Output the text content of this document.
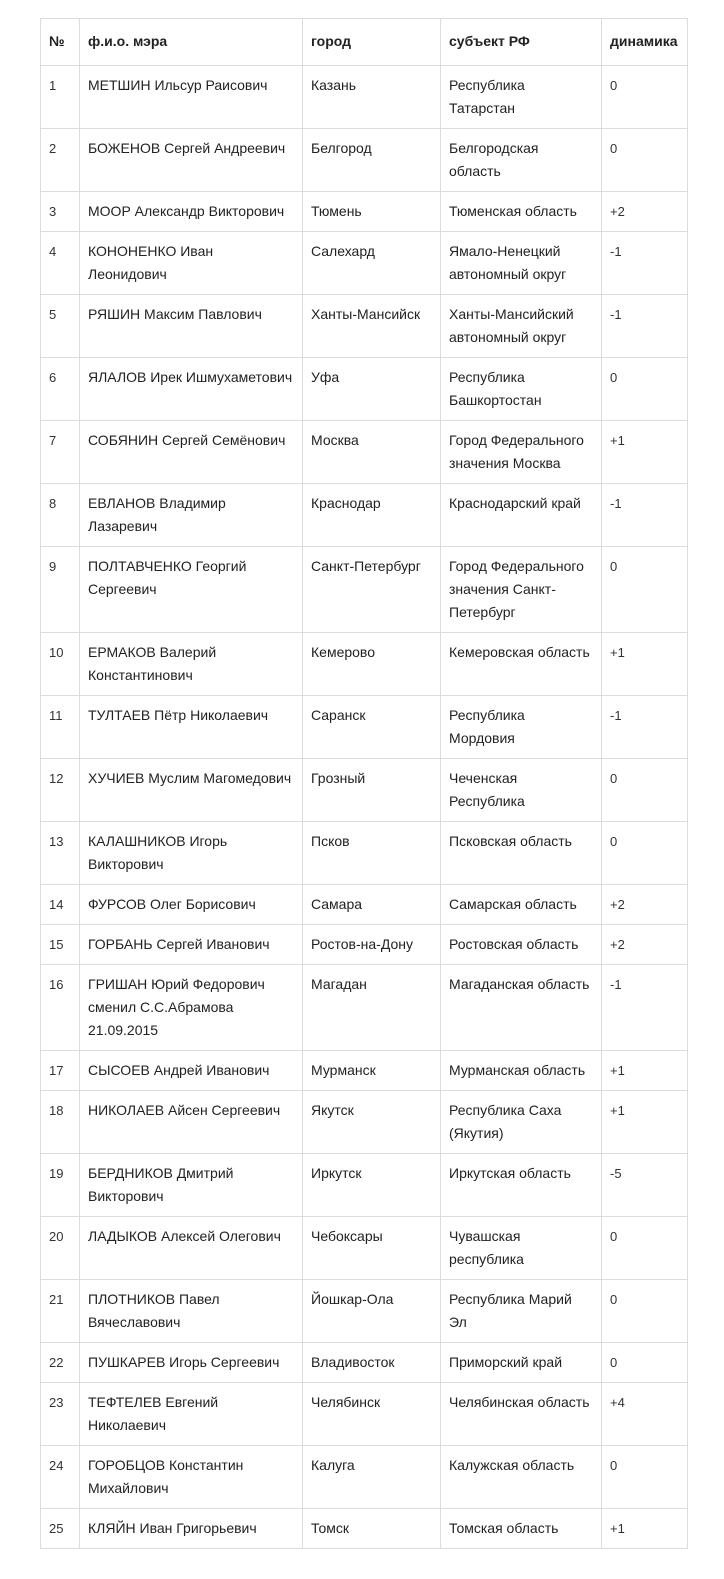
№	ф.и.о. мэра	город	субъект РФ	динамика
1	МЕТШИН Ильсур Раисович	Казань	Республика Татарстан	0
2	БОЖЕНОВ Сергей Андреевич	Белгород	Белгородская область	0
3	МООР Александр Викторович	Тюмень	Тюменская область	+2
4	КОНОНЕНКО Иван Леонидович	Салехард	Ямало-Ненецкий автономный округ	-1
5	РЯШИН Максим Павлович	Ханты-Мансийск	Ханты-Мансийский автономный округ	-1
6	ЯЛАЛОВ Ирек Ишмухаметович	Уфа	Республика Башкортостан	0
7	СОБЯНИН Сергей Семёнович	Москва	Город Федерального значения Москва	+1
8	ЕВЛАНОВ Владимир Лазаревич	Краснодар	Краснодарский край	-1
9	ПОЛТАВЧЕНКО Георгий Сергеевич	Санкт-Петербург	Город Федерального значения Санкт-Петербург	0
10	ЕРМАКОВ Валерий Константинович	Кемерово	Кемеровская область	+1
11	ТУЛТАЕВ Пётр Николаевич	Саранск	Республика Мордовия	-1
12	ХУЧИЕВ Муслим Магомедович	Грозный	Чеченская Республика	0
13	КАЛАШНИКОВ Игорь Викторович	Псков	Псковская область	0
14	ФУРСОВ Олег Борисович	Самара	Самарская область	+2
15	ГОРБАНЬ Сергей Иванович	Ростов-на-Дону	Ростовская область	+2
16	ГРИШАН Юрий Федорович сменил С.С.Абрамова 21.09.2015	Магадан	Магаданская область	-1
17	СЫСОЕВ Андрей Иванович	Мурманск	Мурманская область	+1
18	НИКОЛАЕВ Айсен Сергеевич	Якутск	Республика Саха (Якутия)	+1
19	БЕРДНИКОВ Дмитрий Викторович	Иркутск	Иркутская область	-5
20	ЛАДЫКОВ Алексей Олегович	Чебоксары	Чувашская республика	0
21	ПЛОТНИКОВ Павел Вячеславович	Йошкар-Ола	Республика Марий Эл	0
22	ПУШКАРЕВ Игорь Сергеевич	Владивосток	Приморский край	0
23	ТЕФТЕЛЕВ Евгений Николаевич	Челябинск	Челябинская область	+4
24	ГОРОБЦОВ Константин Михайлович	Калуга	Калужская область	0
25	КЛЯЙН Иван Григорьевич	Томск	Томская область	+1
